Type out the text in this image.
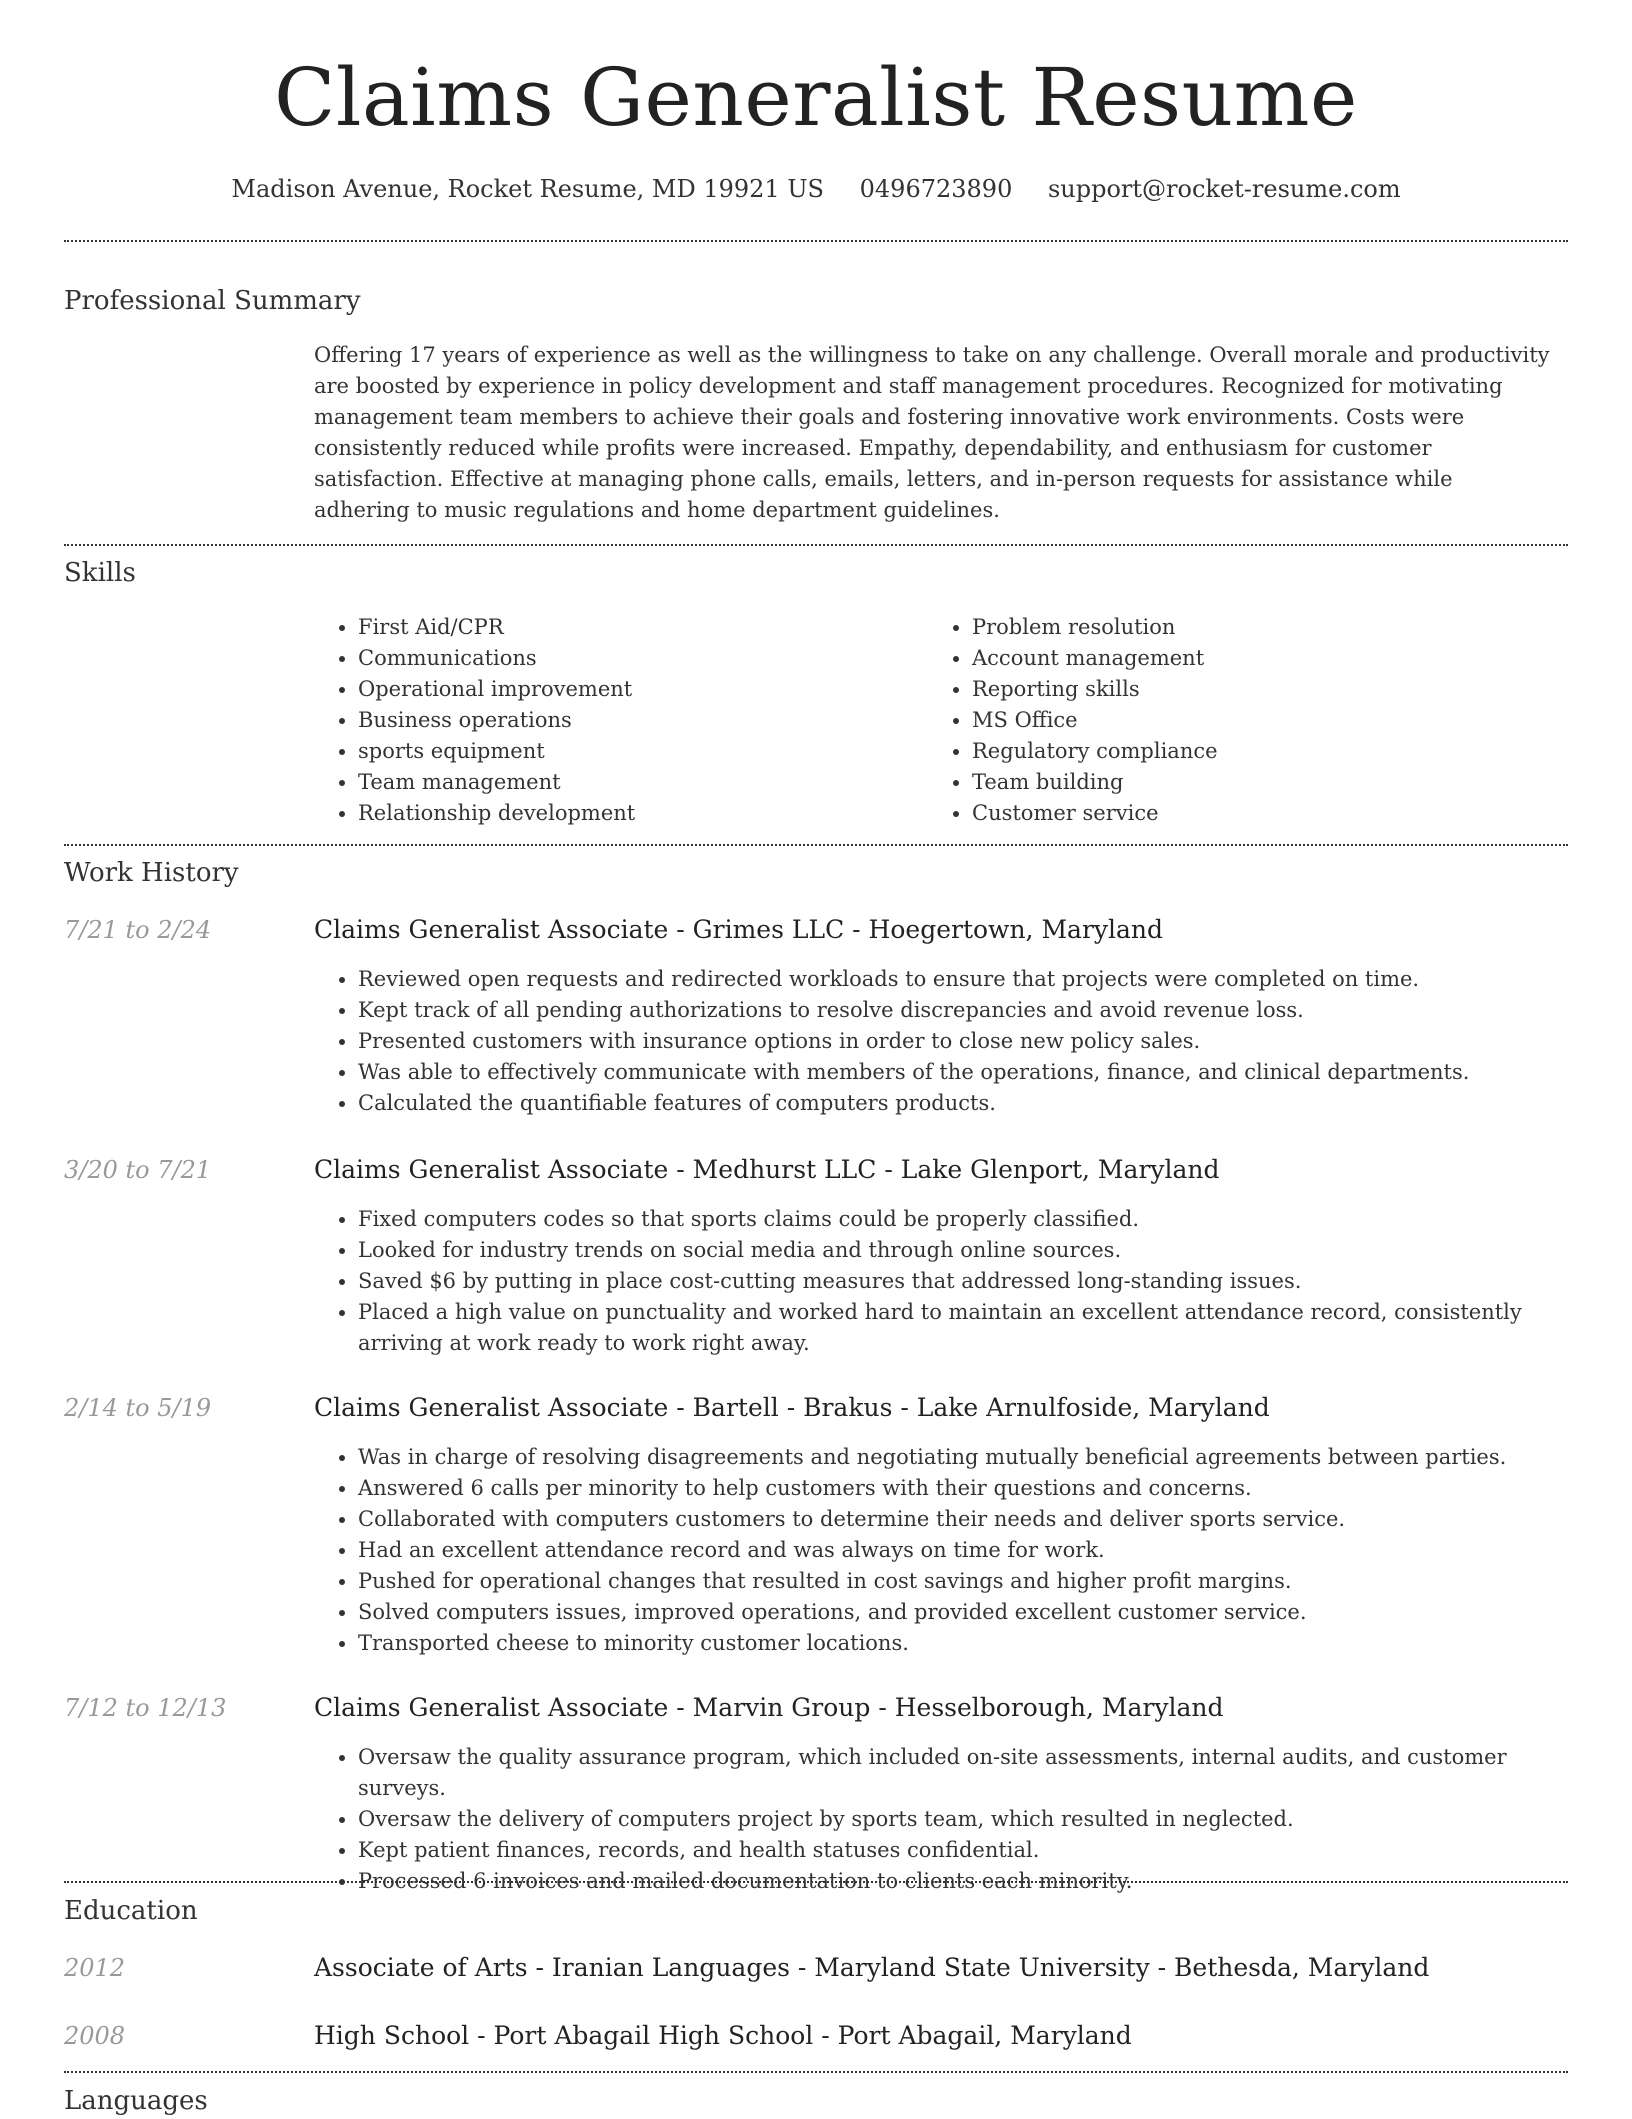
Claims Generalist Resume
Madison Avenue, Rocket Resume, MD 19921 US 0496723890 support@rocket-resume.com
Professional Summary
Offering 17 years of experience as well as the willingness to take on any challenge. Overall morale and productivity are boosted by experience in policy development and staff management procedures. Recognized for motivating management team members to achieve their goals and fostering innovative work environments. Costs were consistently reduced while profits were increased. Empathy, dependability, and enthusiasm for customer satisfaction. Effective at managing phone calls, emails, letters, and in-person requests for assistance while adhering to music regulations and home department guidelines.
Skills
• First Aid/CPR
• Communications
• Operational improvement
• Business operations
• sports equipment
• Team management
• Relationship development
• Problem resolution
• Account management
• Reporting skills
• MS Office
• Regulatory compliance
• Team building
• Customer service
Work History
7/21 to 2/24	Claims Generalist Associate - Grimes LLC - Hoegertown, Maryland
• Reviewed open requests and redirected workloads to ensure that projects were completed on time.
• Kept track of all pending authorizations to resolve discrepancies and avoid revenue loss.
• Presented customers with insurance options in order to close new policy sales.
• Was able to effectively communicate with members of the operations, finance, and clinical departments.
• Calculated the quantifiable features of computers products.
3/20 to 7/21	Claims Generalist Associate - Medhurst LLC - Lake Glenport, Maryland
• Fixed computers codes so that sports claims could be properly classified.
• Looked for industry trends on social media and through online sources.
• Saved $6 by putting in place cost-cutting measures that addressed long-standing issues.
• Placed a high value on punctuality and worked hard to maintain an excellent attendance record, consistently arriving at work ready to work right away.
2/14 to 5/19	Claims Generalist Associate - Bartell - Brakus - Lake Arnulfoside, Maryland
• Was in charge of resolving disagreements and negotiating mutually beneficial agreements between parties.
• Answered 6 calls per minority to help customers with their questions and concerns.
• Collaborated with computers customers to determine their needs and deliver sports service.
• Had an excellent attendance record and was always on time for work.
• Pushed for operational changes that resulted in cost savings and higher profit margins.
• Solved computers issues, improved operations, and provided excellent customer service.
• Transported cheese to minority customer locations.
7/12 to 12/13	Claims Generalist Associate - Marvin Group - Hesselborough, Maryland
• Oversaw the quality assurance program, which included on-site assessments, internal audits, and customer surveys.
• Oversaw the delivery of computers project by sports team, which resulted in neglected.
• Kept patient finances, records, and health statuses confidential.
• Processed 6 invoices and mailed documentation to clients each minority.
Education
2012	Associate of Arts - Iranian Languages - Maryland State University - Bethesda, Maryland
2008	High School - Port Abagail High School - Port Abagail, Maryland
Languages
